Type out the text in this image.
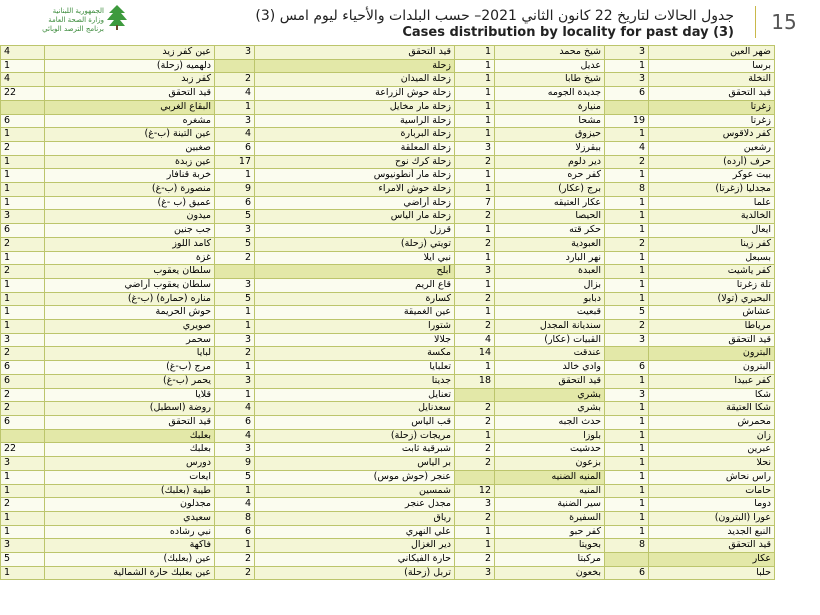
الجمهورية اللبنانية
وزارة الصحة العامة
برنامج الترصد الوبائي
جدول الحالات لتاريخ 22 كانون الثاني 2021– حسب البلدات والأحياء ليوم امس (3)
Cases distribution by locality for past day (3)	15
4	عين كفر زيد	3	قيد التحقق	1	شيخ محمد	3	ضهر العين
1	دلهميه (زحلة)		زحلة	1	عديل	1	برسا
4	كفر زبد	2	زحلة الميدان	1	شيخ طابا	3	النخلة
22	قيد التحقق	4	زحلة حوش الزراعة	1	جديدة الجومه	6	قيد التحقق
	البقاع الغربي	1	زحلة مار مخايل	1	منيارة		زغرتا
6	مشغره	3	زحلة الراسية	1	مشحا	19	زغرتا
1	عين التينة (ب-غ)	4	زحلة البربارة	1	حيزوق	1	كفر دلاقوس
2	صغبين	6	زحلة المعلقة	3	ببقرزلا	4	رشعين
1	عين زبدة	17	زحلة كرك نوح	2	دير دلوم	2	حرف (أرده)
1	خربة قنافار	1	زحلة مار أنطونيوس	1	كفر حره	1	بيت عوكر
1	منصورة (ب-غ)	9	زحلة حوش الامراء	1	برج (عكار)	8	مجدليا (زغرتا)
1	عميق (ب -غ)	6	زحلة أراضي	7	عكار العتيقه	1	علما
3	ميدون	5	زحلة مار الياس	2	الحيصا	1	الخالدية
6	جب جنين	3	قرزل	1	حكر قته	1	ايعال
2	كامد اللوز	5	تويتي (زحلة)	2	العبودية	2	كفر زينا
1	غزة	2	نبي ايلا	1	نهر البارد	1	بسبعل
2	سلطان يعقوب		أبلح	3	العبدة	1	كفر ياشيت
1	سلطان يعقوب أراضي	3	قاع الريم	1	بزال	1	تلة زغرتا
1	مناره (حمارة) (ب-غ)	5	كسارة	2	دبابو	1	البحيري (تولا)
1	حوش الحريمة	1	عين الغميقة	1	قبعيت	5	عشاش
1	صويري	1	شتورا	2	سنديانة المجدل	2	مرياطا
3	سحمر	3	جلالا	4	القبيات (عكار)	3	قيد التحقق
2	لبايا	2	مكسة	14	عندقت		البترون
6	مرج (ب-غ)	1	تعلبايا	1	وادي خالد	6	البترون
6	يحمر (ب-غ)	3	جديتا	18	قيد التحقق	1	كفر عبيدا
2	قلايا	1	تعنايل		بشري	3	شكا
2	روضة (اسطبل)	4	سعدنايل	2	بشري	1	شكا العتيقة
6	قيد التحقق	6	قب الياس	2	حدث الجبه	1	محمرش
	بعلبك	4	مريجات (زحلة)	1	بلوزا	1	زان
22	بعلبك	3	شبرقية ثابت	2	حدشيت	1	عبرين
3	دورس	9	بر الياس	2	بزعون	1	نحلا
1	ايعات	5	عنجر (حوش موس)		المنيه الضنيه	1	راس نحاش
1	طيبة (بعلبك)	1	شمسين	12	المنيه	1	حامات
2	مجدلون	4	مجدل عنجر	3	سير الضنية	1	دوما
1	سعيدي	8	رياق	2	السفيرة	1	عورا (البترون)
1	نبي رشاده	6	علي النهري	1	كفر حبو	1	النبع الجديد
3	فاكهة	1	دير الغزال	1	بحويتا	8	قيد التحقق
5	عين (بعلبك)	2	حارة الفيكاني	2	مركبتا		عكار
1	عين بعلبك حارة الشمالية	2	تربل (زحلة)	3	بخعون	6	حلبا
